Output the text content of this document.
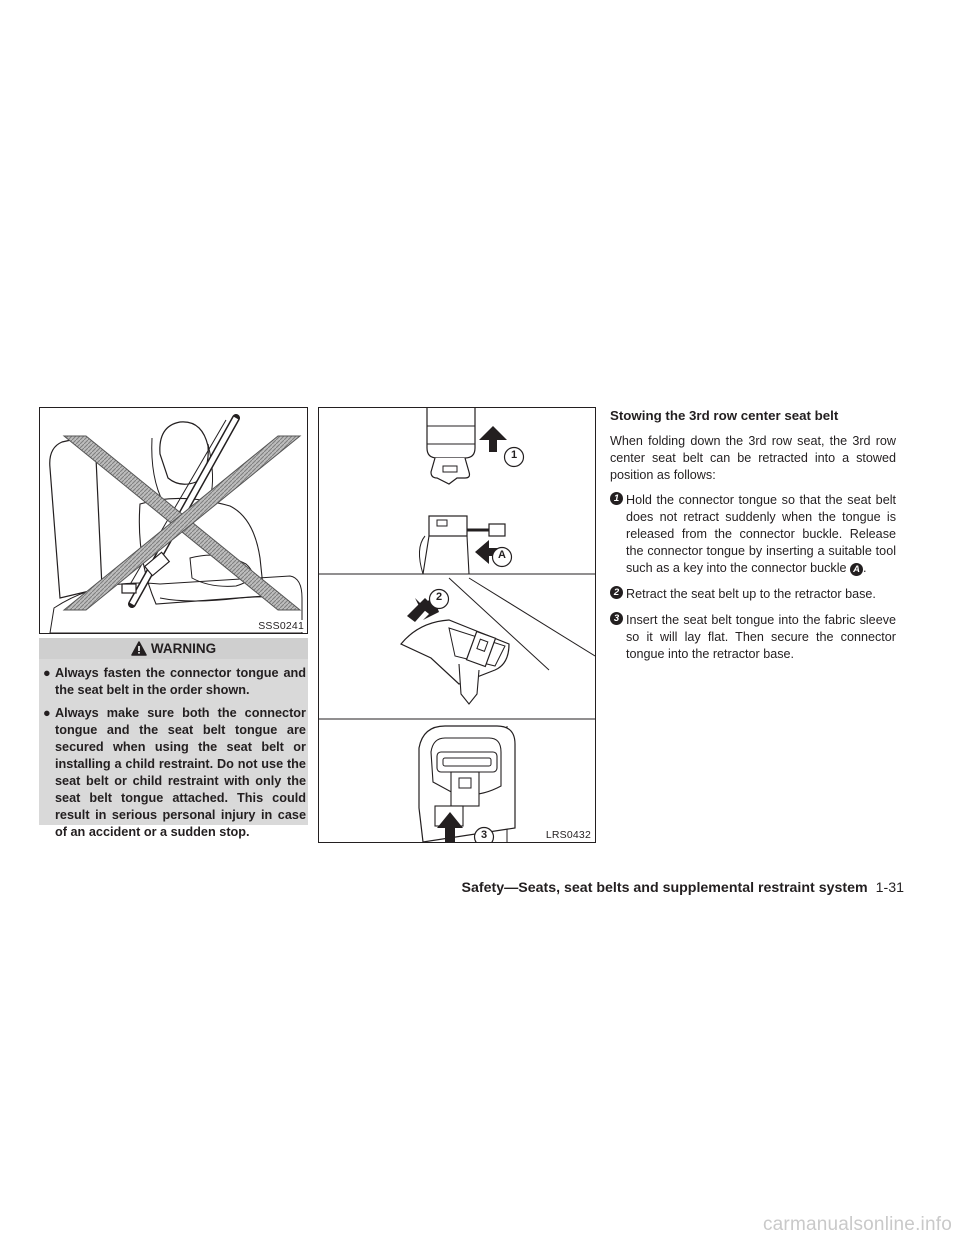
SSS0241
WARNING
● Always fasten the connector tongue and the seat belt in the order shown.
● Always make sure both the connector tongue and the seat belt tongue are secured when using the seat belt or installing a child restraint. Do not use the seat belt or child restraint with only the seat belt tongue attached. This could result in serious personal injury in case of an accident or a sudden stop.
1
A
2
3	LRS0432
Stowing the 3rd row center seat belt

When folding down the 3rd row seat, the 3rd row center seat belt can be retracted into a stowed position as follows:

1 Hold the connector tongue so that the seat belt does not retract suddenly when the tongue is released from the connector buckle. Release the connector tongue by inserting a suitable tool such as a key into the connector buckle A .
2 Retract the seat belt up to the retractor base.
3 Insert the seat belt tongue into the fabric sleeve so it will lay flat. Then secure the connector tongue into the retractor base.
Safety—Seats, seat belts and supplemental restraint system 1-31
carmanualsonline.info
